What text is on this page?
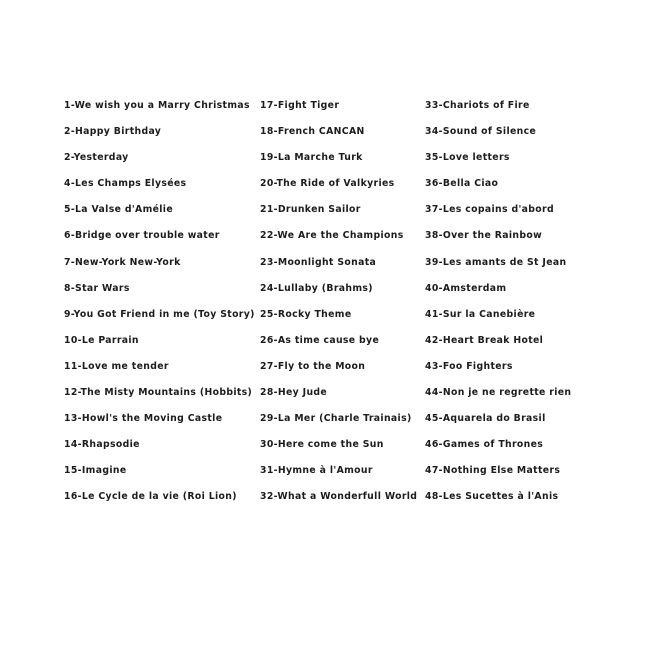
1-We wish you a Marry Christmas
2-Happy Birthday
2-Yesterday
4-Les Champs Elysées
5-La Valse d'Amélie
6-Bridge over trouble water
7-New-York New-York
8-Star Wars
9-You Got Friend in me (Toy Story)
10-Le Parrain
11-Love me tender
12-The Misty Mountains (Hobbits)
13-Howl's the Moving Castle
14-Rhapsodie
15-Imagine
16-Le Cycle de la vie (Roi Lion)
17-Fight Tiger
18-French CANCAN
19-La Marche Turk
20-The Ride of Valkyries
21-Drunken Sailor
22-We Are the Champions
23-Moonlight Sonata
24-Lullaby (Brahms)
25-Rocky Theme
26-As time cause bye
27-Fly to the Moon
28-Hey Jude
29-La Mer (Charle Trainais)
30-Here come the Sun
31-Hymne à l'Amour
32-What a Wonderfull World
33-Chariots of Fire
34-Sound of Silence
35-Love letters
36-Bella Ciao
37-Les copains d'abord
38-Over the Rainbow
39-Les amants de St Jean
40-Amsterdam
41-Sur la Canebière
42-Heart Break Hotel
43-Foo Fighters
44-Non je ne regrette rien
45-Aquarela do Brasil
46-Games of Thrones
47-Nothing Else Matters
48-Les Sucettes à l'Anis
